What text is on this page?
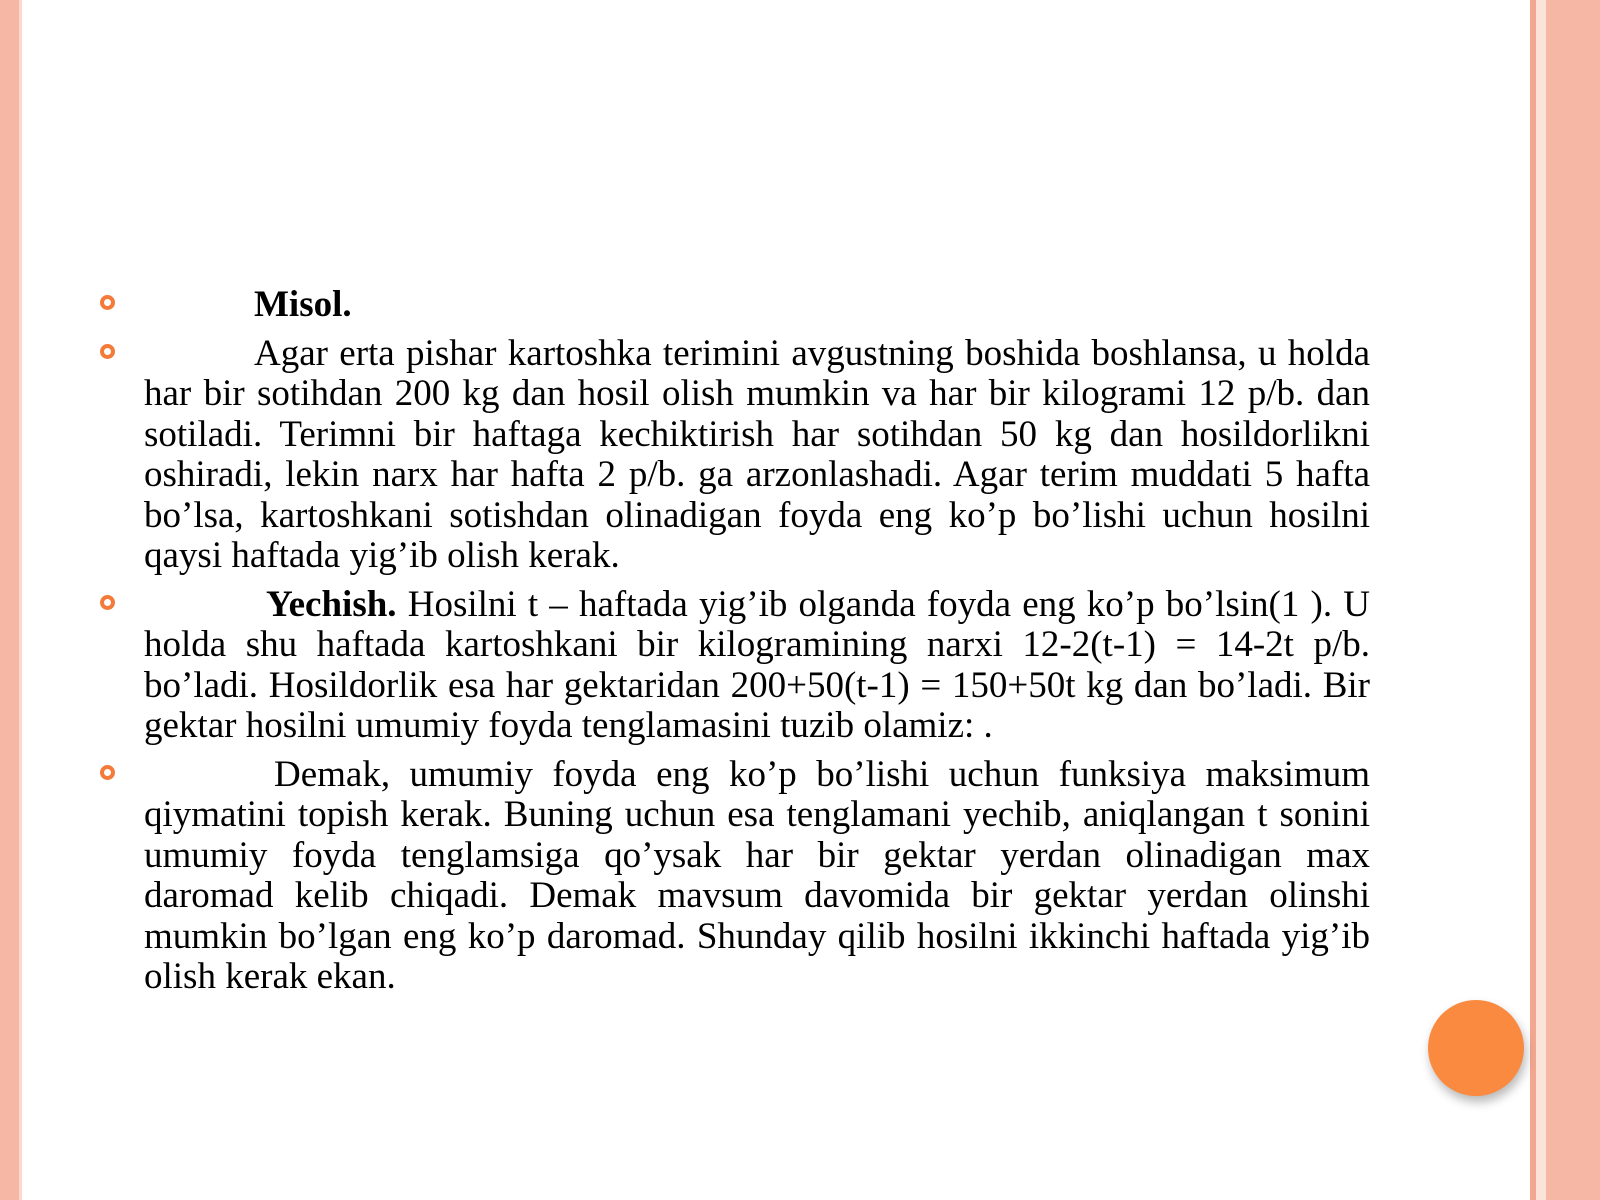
Misol.
Agar erta pishar kartoshka terimini avgustning boshida boshlansa, u holda har bir sotihdan 200 kg dan hosil olish mumkin va har bir kilogrami 12 p/b. dan sotiladi. Terimni bir haftaga kechiktirish har sotihdan 50 kg dan hosildorlikni oshiradi, lekin narx har hafta 2 p/b. ga arzonlashadi. Agar terim muddati 5 hafta bo’lsa, kartoshkani sotishdan olinadigan foyda eng ko’p bo’lishi uchun hosilni qaysi haftada yig’ib olish kerak.
Yechish. Hosilni t – haftada yig’ib olganda foyda eng ko’p bo’lsin(1 ). U holda shu haftada kartoshkani bir kilogramining narxi 12-2(t-1) = 14-2t p/b. bo’ladi. Hosildorlik esa har gektaridan 200+50(t-1) = 150+50t kg dan bo’ladi. Bir gektar hosilni umumiy foyda tenglamasini tuzib olamiz: .
Demak, umumiy foyda eng ko’p bo’lishi uchun funksiya maksimum qiymatini topish kerak. Buning uchun esa tenglamani yechib, aniqlangan t sonini umumiy foyda tenglamsiga qo’ysak har bir gektar yerdan olinadigan max daromad kelib chiqadi. Demak mavsum davomida bir gektar yerdan olinshi mumkin bo’lgan eng ko’p daromad. Shunday qilib hosilni ikkinchi haftada yig’ib olish kerak ekan.
